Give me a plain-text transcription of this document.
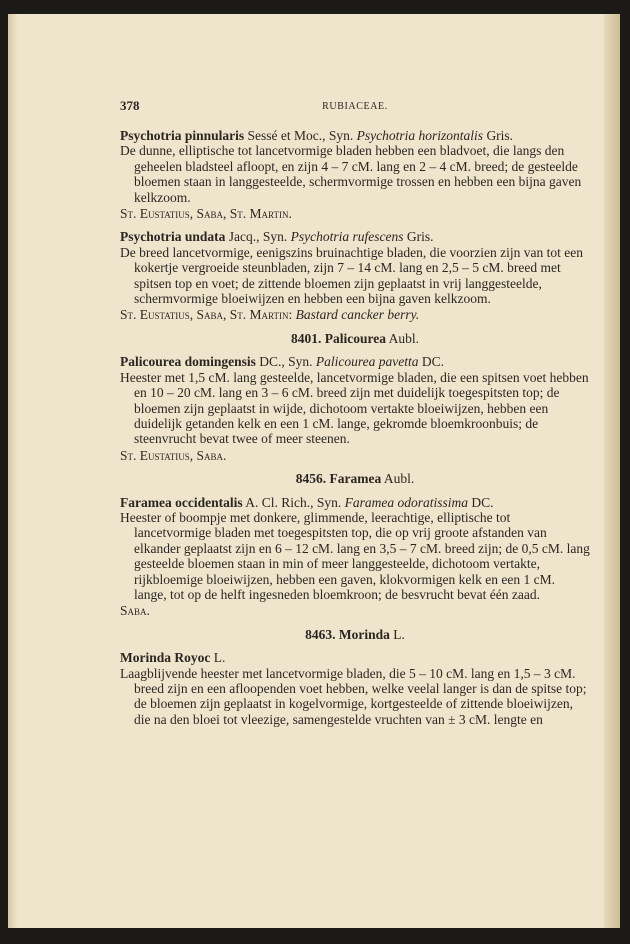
378	RUBIACEAE.
Psychotria pinnularis Sessé et Moc., Syn. Psychotria horizontalis Gris.

De dunne, elliptische tot lancetvormige bladen hebben een bladvoet, die langs den geheelen bladsteel afloopt, en zijn 4 – 7 cM. lang en 2 – 4 cM. breed; de gesteelde bloemen staan in langgesteelde, schermvormige trossen en hebben een bijna gaven kelkzoom.

St. Eustatius, Saba, St. Martin.
Psychotria undata Jacq., Syn. Psychotria rufescens Gris.

De breed lancetvormige, eenigszins bruinachtige bladen, die voorzien zijn van tot een kokertje vergroeide steunbladen, zijn 7 – 14 cM. lang en 2,5 – 5 cM. breed met spitsen top en voet; de zittende bloemen zijn geplaatst in vrij langgesteelde, schermvormige bloeiwijzen en hebben een bijna gaven kelkzoom.

St. Eustatius, Saba, St. Martin: Bastard cancker berry.
8401. Palicourea Aubl.
Palicourea domingensis DC., Syn. Palicourea pavetta DC.

Heester met 1,5 cM. lang gesteelde, lancetvormige bladen, die een spitsen voet hebben en 10 – 20 cM. lang en 3 – 6 cM. breed zijn met duidelijk toegespitsten top; de bloemen zijn geplaatst in wijde, dichotoom vertakte bloeiwijzen, hebben een duidelijk getanden kelk en een 1 cM. lange, gekromde bloemkroonbuis; de steenvrucht bevat twee of meer steenen.

St. Eustatius, Saba.
8456. Faramea Aubl.
Faramea occidentalis A. Cl. Rich., Syn. Faramea odoratissima DC.

Heester of boompje met donkere, glimmende, leerachtige, elliptische tot lancetvormige bladen met toegespitsten top, die op vrij groote afstanden van elkander geplaatst zijn en 6 – 12 cM. lang en 3,5 – 7 cM. breed zijn; de 0,5 cM. lang gesteelde bloemen staan in min of meer langgesteelde, dichotoom vertakte, rijkbloemige bloeiwijzen, hebben een gaven, klokvormigen kelk en een 1 cM. lange, tot op de helft ingesneden bloemkroon; de besvrucht bevat één zaad.

Saba.
8463. Morinda L.
Morinda Royoc L.

Laagblijvende heester met lancetvormige bladen, die 5 – 10 cM. lang en 1,5 – 3 cM. breed zijn en een afloopenden voet hebben, welke veelal langer is dan de spitse top; de bloemen zijn geplaatst in kogelvormige, kortgesteelde of zittende bloeiwijzen, die na den bloei tot vleezige, samengestelde vruchten van ± 3 cM. lengte en
